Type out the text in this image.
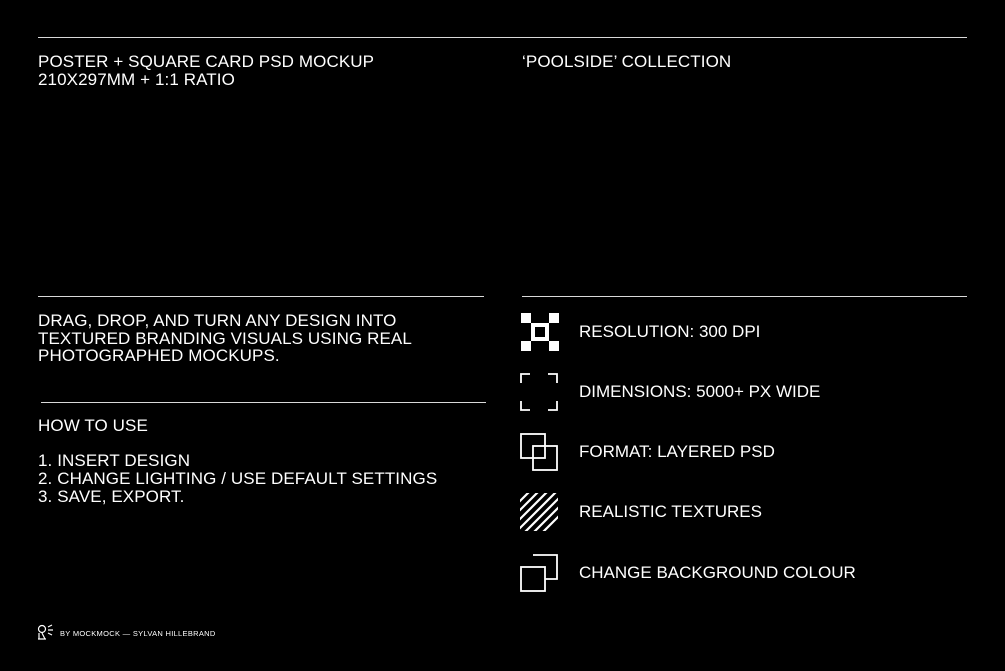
POSTER + SQUARE CARD PSD MOCKUP
210X297MM + 1:1 RATIO
‘POOLSIDE’ COLLECTION
DRAG, DROP, AND TURN ANY DESIGN INTO
TEXTURED BRANDING VISUALS USING REAL
PHOTOGRAPHED MOCKUPS.
HOW TO USE
1. INSERT DESIGN
2. CHANGE LIGHTING / USE DEFAULT SETTINGS
3. SAVE, EXPORT.
RESOLUTION: 300 DPI
DIMENSIONS: 5000+ PX WIDE
FORMAT: LAYERED PSD
REALISTIC TEXTURES
CHANGE BACKGROUND COLOUR
BY MOCKMOCK — SYLVAN HILLEBRAND
